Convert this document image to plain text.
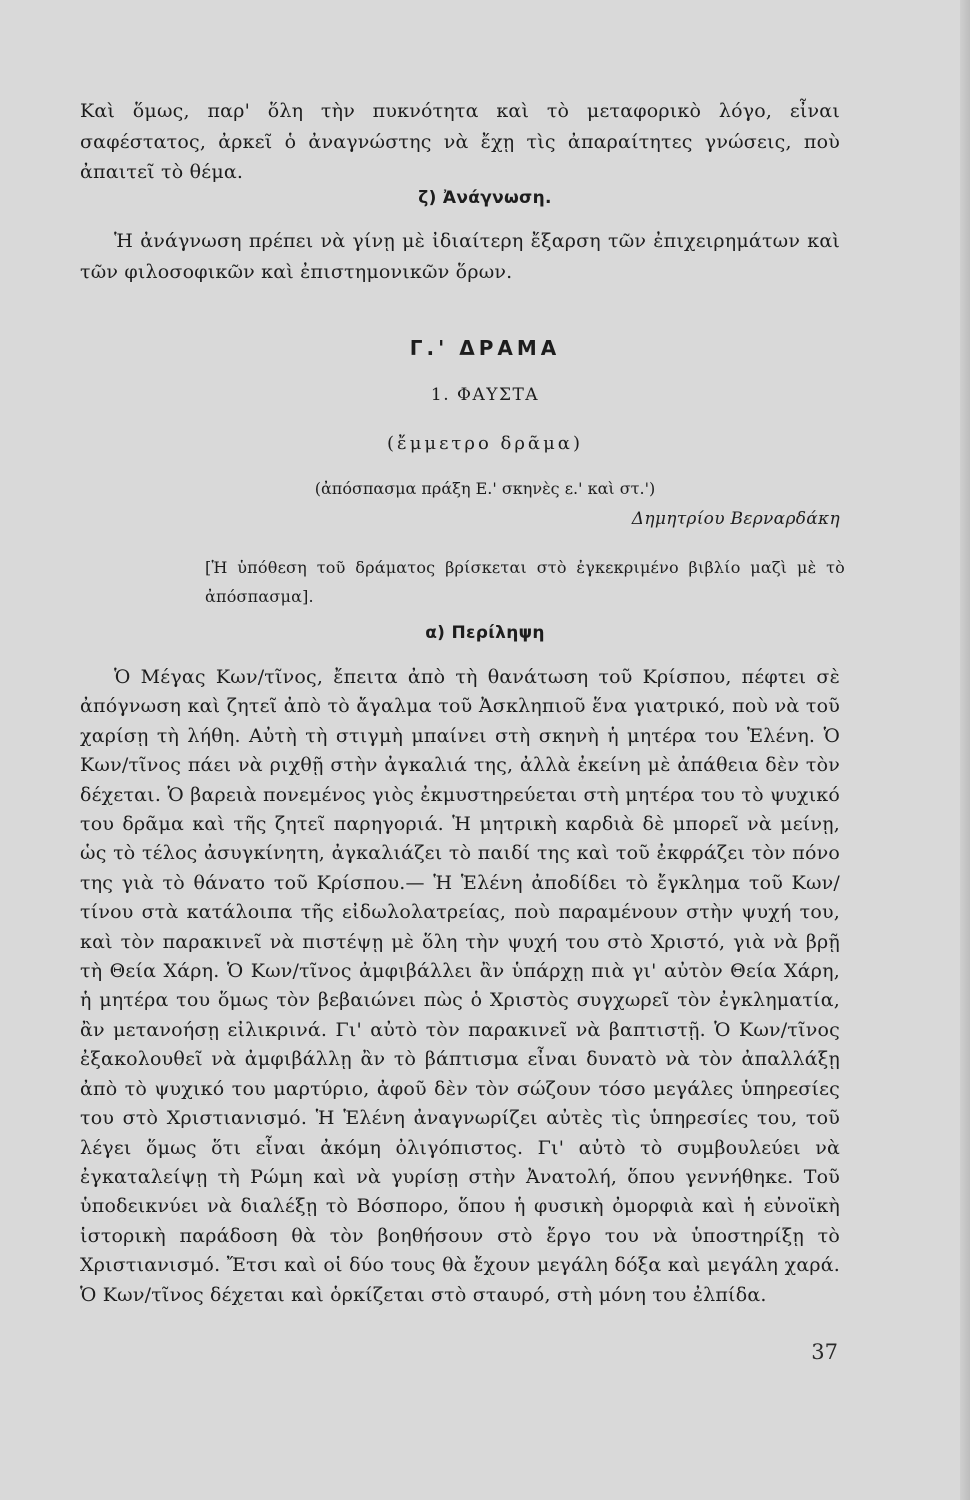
Καὶ ὅμως, παρ' ὅλη τὴν πυκνότητα καὶ τὸ μεταφορικὸ λόγο, εἶναι σαφέστατος, ἀρκεῖ ὁ ἀναγνώστης νὰ ἔχῃ τὶς ἀπαραίτητες γνώσεις, ποὺ ἀπαιτεῖ τὸ θέμα.
ζ) Ἀνάγνωση.
Ἡ ἀνάγνωση πρέπει νὰ γίνῃ μὲ ἰδιαίτερη ἔξαρση τῶν ἐπιχειρημάτων καὶ τῶν φιλοσοφικῶν καὶ ἐπιστημονικῶν ὅρων.
Γ.' ΔΡΑΜΑ
1. ΦΑΥΣΤΑ
(ἔμμετρο δρᾶμα)
(ἀπόσπασμα πράξη Ε.' σκηνὲς ε.' καὶ στ.')
Δημητρίου Βερναρδάκη
[Ἡ ὑπόθεση τοῦ δράματος βρίσκεται στὸ ἐγκεκριμένο βιβλίο μαζὶ μὲ τὸ ἀπόσπασμα].
α) Περίληψη
Ὁ Μέγας Κων/τῖνος, ἔπειτα ἀπὸ τὴ θανάτωση τοῦ Κρίσπου, πέφτει σὲ ἀπόγνωση καὶ ζητεῖ ἀπὸ τὸ ἄγαλμα τοῦ Ἀσκληπιοῦ ἕνα γιατρικό, ποὺ νὰ τοῦ χαρίσῃ τὴ λήθη. Αὐτὴ τὴ στιγμὴ μπαίνει στὴ σκηνὴ ἡ μητέρα του Ἑλένη. Ὁ Κων/τῖνος πάει νὰ ριχθῇ στὴν ἀγκαλιά της, ἀλλὰ ἐκείνη μὲ ἀπάθεια δὲν τὸν δέχεται. Ὁ βαρειὰ πονεμένος γιὸς ἐκμυστηρεύεται στὴ μητέρα του τὸ ψυχικό του δρᾶμα καὶ τῆς ζητεῖ παρηγοριά. Ἡ μητρικὴ καρδιὰ δὲ μπορεῖ νὰ μείνῃ, ὡς τὸ τέλος ἀσυγκίνητη, ἀγκαλιάζει τὸ παιδί της καὶ τοῦ ἐκφράζει τὸν πόνο της γιὰ τὸ θάνατο τοῦ Κρίσπου.— Ἡ Ἑλένη ἀποδίδει τὸ ἔγκλημα τοῦ Κων/τίνου στὰ κατάλοιπα τῆς εἰδωλολατρείας, ποὺ παραμένουν στὴν ψυχή του, καὶ τὸν παρακινεῖ νὰ πιστέψῃ μὲ ὅλη τὴν ψυχή του στὸ Χριστό, γιὰ νὰ βρῇ τὴ Θεία Χάρη. Ὁ Κων/τῖνος ἀμφιβάλλει ἂν ὑπάρχῃ πιὰ γι' αὐτὸν Θεία Χάρη, ἡ μητέρα του ὅμως τὸν βεβαιώνει πὼς ὁ Χριστὸς συγχωρεῖ τὸν ἐγκληματία, ἂν μετανοήσῃ εἰλικρινά. Γι' αὐτὸ τὸν παρακινεῖ νὰ βαπτιστῇ. Ὁ Κων/τῖνος ἐξακολουθεῖ νὰ ἀμφιβάλλῃ ἂν τὸ βάπτισμα εἶναι δυνατὸ νὰ τὸν ἀπαλλάξῃ ἀπὸ τὸ ψυχικό του μαρτύριο, ἀφοῦ δὲν τὸν σώζουν τόσο μεγάλες ὑπηρεσίες του στὸ Χριστιανισμό. Ἡ Ἑλένη ἀναγνωρίζει αὐτὲς τὶς ὑπηρεσίες του, τοῦ λέγει ὅμως ὅτι εἶναι ἀκόμη ὀλιγόπιστος. Γι' αὐτὸ τὸ συμβουλεύει νὰ ἐγκαταλείψῃ τὴ Ρώμη καὶ νὰ γυρίσῃ στὴν Ἀνατολή, ὅπου γεννήθηκε. Τοῦ ὑποδεικνύει νὰ διαλέξῃ τὸ Βόσπορο, ὅπου ἡ φυσικὴ ὀμορφιὰ καὶ ἡ εὐνοϊκὴ ἱστορικὴ παράδοση θὰ τὸν βοηθήσουν στὸ ἔργο του νὰ ὑποστηρίξῃ τὸ Χριστιανισμό. Ἔτσι καὶ οἱ δύο τους θὰ ἔχουν μεγάλη δόξα καὶ μεγάλη χαρά. Ὁ Κων/τῖνος δέχεται καὶ ὁρκίζεται στὸ σταυρό, στὴ μόνη του ἐλπίδα.
37
